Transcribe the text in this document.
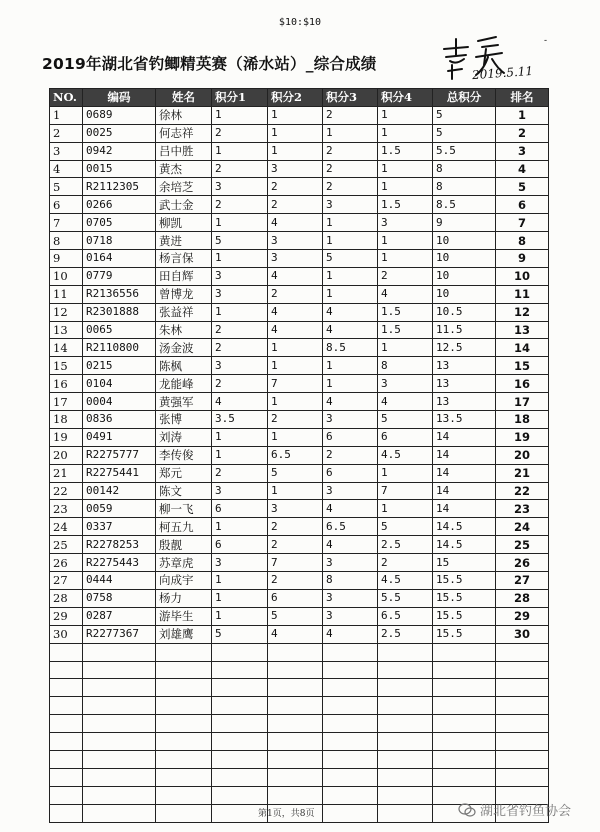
$10:$10
2019年湖北省钓鲫精英赛（浠水站）_综合成绩	2019.5.11
-
NO.	编码	姓名	积分1	积分2	积分3	积分4	总积分	排名
1	0689	徐林	1	1	2	1	5	1
2	0025	何志祥	2	1	1	1	5	2
3	0942	吕中胜	1	1	2	1.5	5.5	3
4	0015	黄杰	2	3	2	1	8	4
5	R2112305	余培芝	3	2	2	1	8	5
6	0266	武士金	2	2	3	1.5	8.5	6
7	0705	柳凯	1	4	1	3	9	7
8	0718	黄进	5	3	1	1	10	8
9	0164	杨言保	1	3	5	1	10	9
10	0779	田自辉	3	4	1	2	10	10
11	R2136556	曾博龙	3	2	1	4	10	11
12	R2301888	张益祥	1	4	4	1.5	10.5	12
13	0065	朱林	2	4	4	1.5	11.5	13
14	R2110800	汤金波	2	1	8.5	1	12.5	14
15	0215	陈枫	3	1	1	8	13	15
16	0104	龙能峰	2	7	1	3	13	16
17	0004	黄强军	4	1	4	4	13	17
18	0836	张博	3.5	2	3	5	13.5	18
19	0491	刘涛	1	1	6	6	14	19
20	R2275777	李传俊	1	6.5	2	4.5	14	20
21	R2275441	郑元	2	5	6	1	14	21
22	00142	陈文	3	1	3	7	14	22
23	0059	柳一飞	6	3	4	1	14	23
24	0337	柯五九	1	2	6.5	5	14.5	24
25	R2278253	殷靓	6	2	4	2.5	14.5	25
26	R2275443	苏章虎	3	7	3	2	15	26
27	0444	向成宇	1	2	8	4.5	15.5	27
28	0758	杨力	1	6	3	5.5	15.5	28
29	0287	游毕生	1	5	3	6.5	15.5	29
30	R2277367	刘雄鹰	5	4	4	2.5	15.5	30

第1页，共8页	湖北省钓鱼协会
